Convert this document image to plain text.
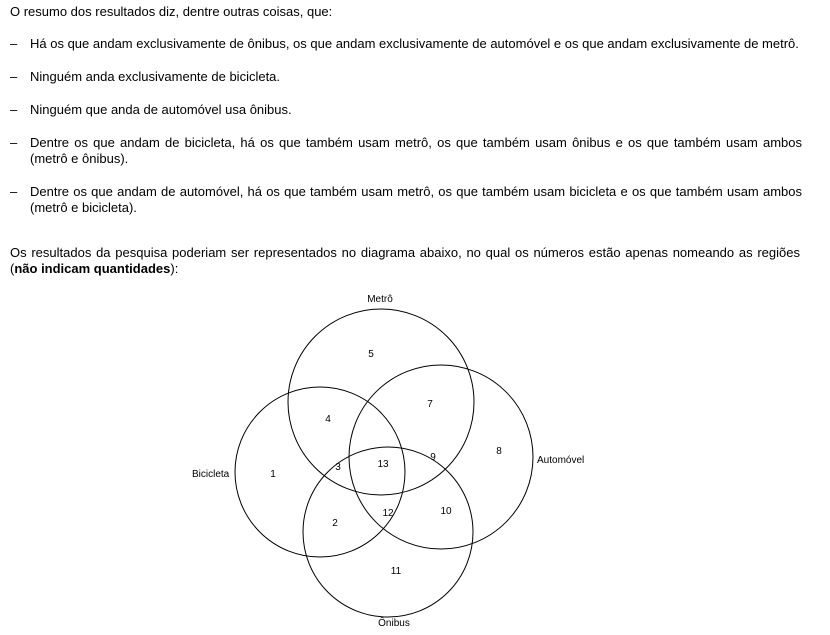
O resumo dos resultados diz, dentre outras coisas, que:
– Há os que andam exclusivamente de ônibus, os que andam exclusivamente de automóvel e os que andam exclusivamente de metrô.
– Ninguém anda exclusivamente de bicicleta.
– Ninguém que anda de automóvel usa ônibus.
– Dentre os que andam de bicicleta, há os que também usam metrô, os que também usam ônibus e os que também usam ambos (metrô e ônibus).
– Dentre os que andam de automóvel, há os que também usam metrô, os que também usam bicicleta e os que também usam ambos (metrô e bicicleta).
Os resultados da pesquisa poderiam ser representados no diagrama abaixo, no qual os números estão apenas nomeando as regiões (não indicam quantidades):
Metrô
Bicicleta
Automóvel
Ônibus
1
2
3
4
5
7
8
9
10
11
12
13
